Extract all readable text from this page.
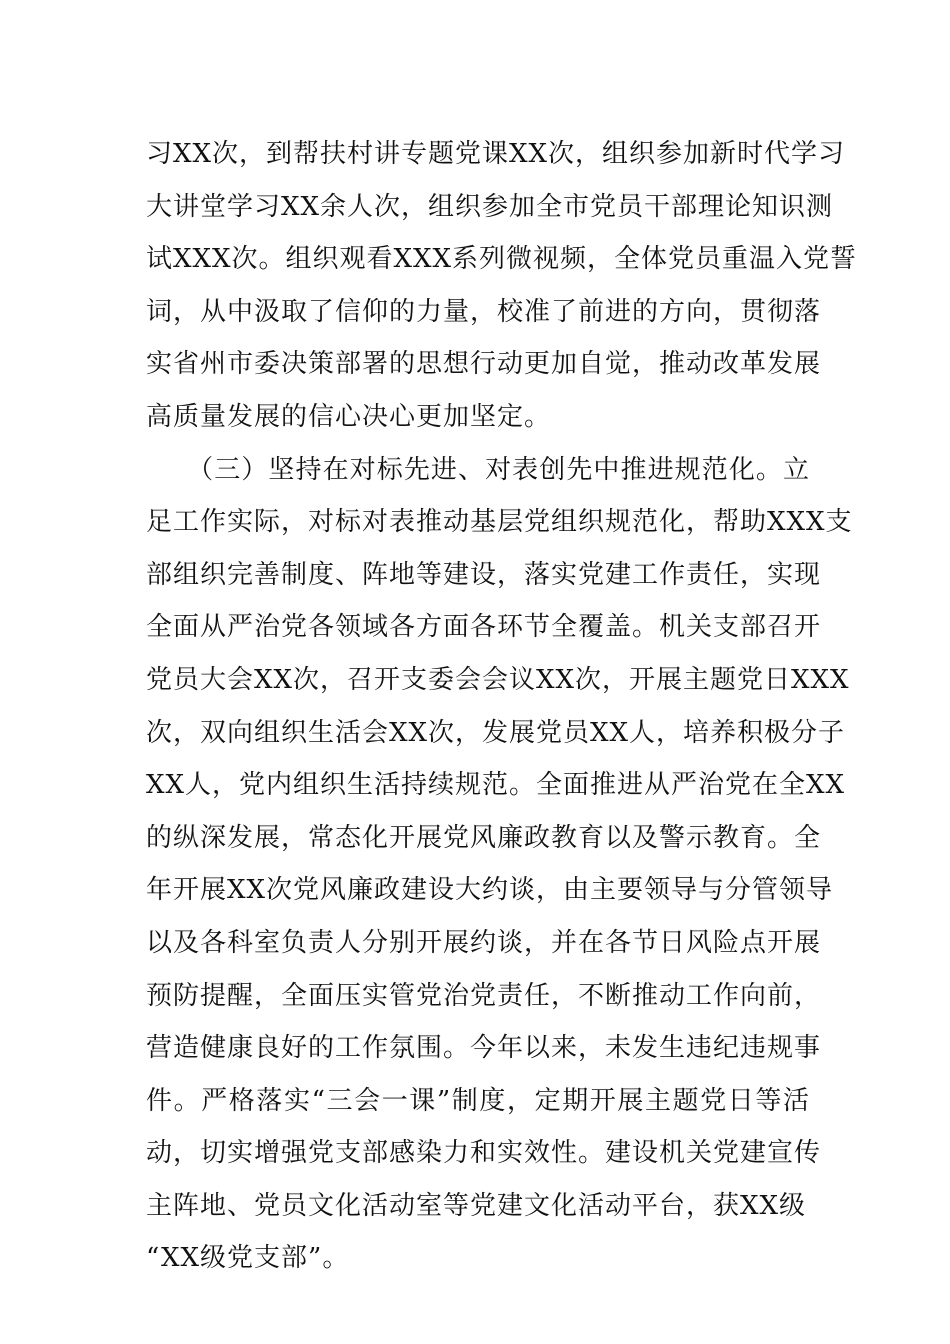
习XX次，到帮扶村讲专题党课XX次，组织参加新时代学习
大讲堂学习XX余人次，组织参加全市党员干部理论知识测
试XXX次。组织观看XXX系列微视频，全体党员重温入党誓
词，从中汲取了信仰的力量，校准了前进的方向，贯彻落
实省州市委决策部署的思想行动更加自觉，推动改革发展
高质量发展的信心决心更加坚定。
　　（三）坚持在对标先进、对表创先中推进规范化。立
足工作实际，对标对表推动基层党组织规范化，帮助XXX支
部组织完善制度、阵地等建设，落实党建工作责任，实现
全面从严治党各领域各方面各环节全覆盖。机关支部召开
党员大会XX次，召开支委会会议XX次，开展主题党日XXX
次，双向组织生活会XX次，发展党员XX人，培养积极分子
XX人，党内组织生活持续规范。全面推进从严治党在全XX
的纵深发展，常态化开展党风廉政教育以及警示教育。全
年开展XX次党风廉政建设大约谈，由主要领导与分管领导
以及各科室负责人分别开展约谈，并在各节日风险点开展
预防提醒，全面压实管党治党责任，不断推动工作向前，
营造健康良好的工作氛围。今年以来，未发生违纪违规事
件。严格落实“三会一课”制度，定期开展主题党日等活
动，切实增强党支部感染力和实效性。建设机关党建宣传
主阵地、党员文化活动室等党建文化活动平台，获XX级
“XX级党支部”。
